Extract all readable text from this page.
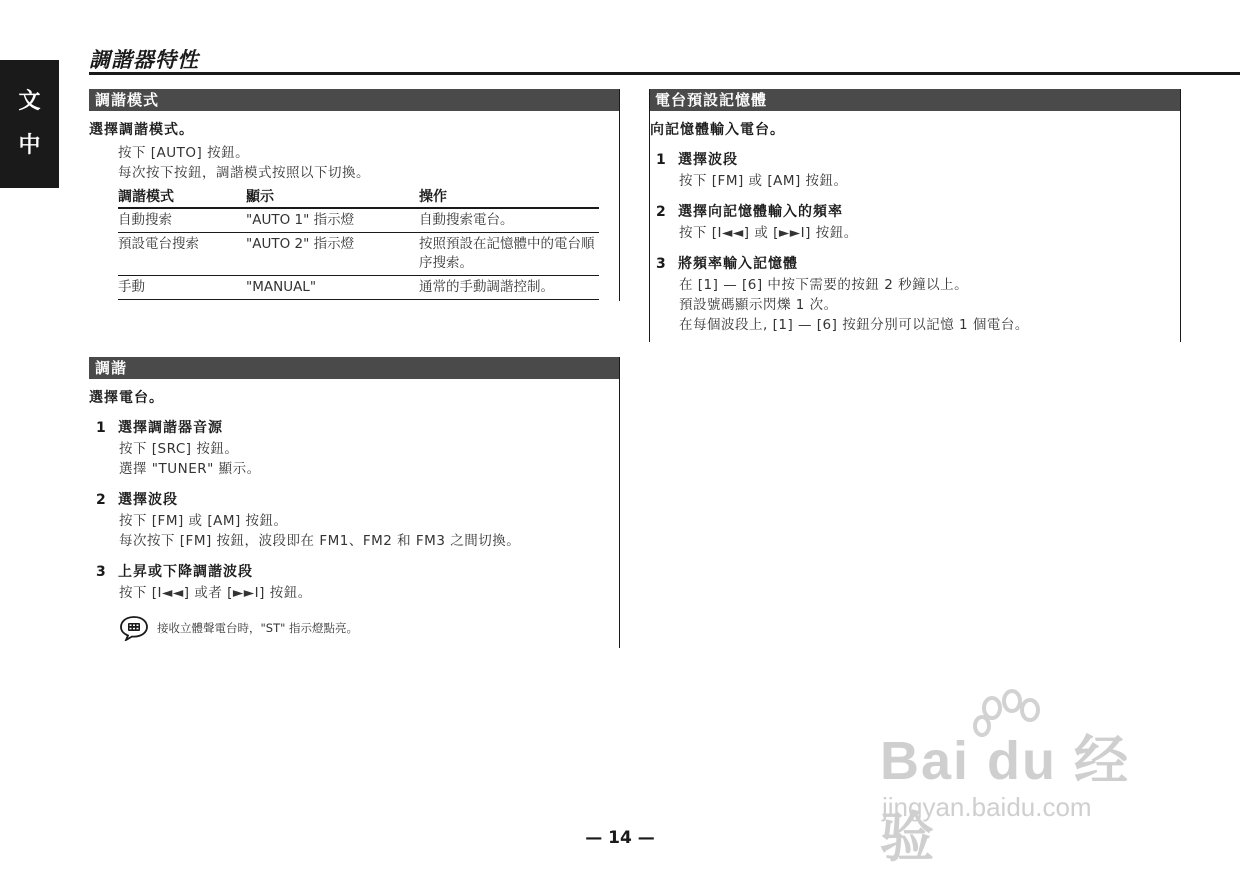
文
中
調諧器特性
調諧模式
選擇調諧模式。
按下 [AUTO] 按鈕。
每次按下按鈕，調諧模式按照以下切換。
調諧模式	顯示	操作
自動搜索	"AUTO 1" 指示燈	自動搜索電台。
預設電台搜索	"AUTO 2" 指示燈	按照預設在記憶體中的電台順序搜索。
手動	"MANUAL"	通常的手動調諧控制。
調諧
選擇電台。
1 選擇調諧器音源
按下 [SRC] 按鈕。
選擇 "TUNER" 顯示。
2 選擇波段
按下 [FM] 或 [AM] 按鈕。
每次按下 [FM] 按鈕，波段即在 FM1、FM2 和 FM3 之間切換。
3 上昇或下降調諧波段
按下 [I◄◄] 或者 [►►I] 按鈕。
接收立體聲電台時，"ST" 指示燈點亮。
電台預設記憶體
向記憶體輸入電台。
1 選擇波段
按下 [FM] 或 [AM] 按鈕。
2 選擇向記憶體輸入的頻率
按下 [I◄◄] 或 [►►I] 按鈕。
3 將頻率輸入記憶體
在 [1] — [6] 中按下需要的按鈕 2 秒鐘以上。
預設號碼顯示閃爍 1 次。
在每個波段上, [1] — [6] 按鈕分別可以記憶 1 個電台。
Bai du 经验
jingyan.baidu.com
— 14 —
